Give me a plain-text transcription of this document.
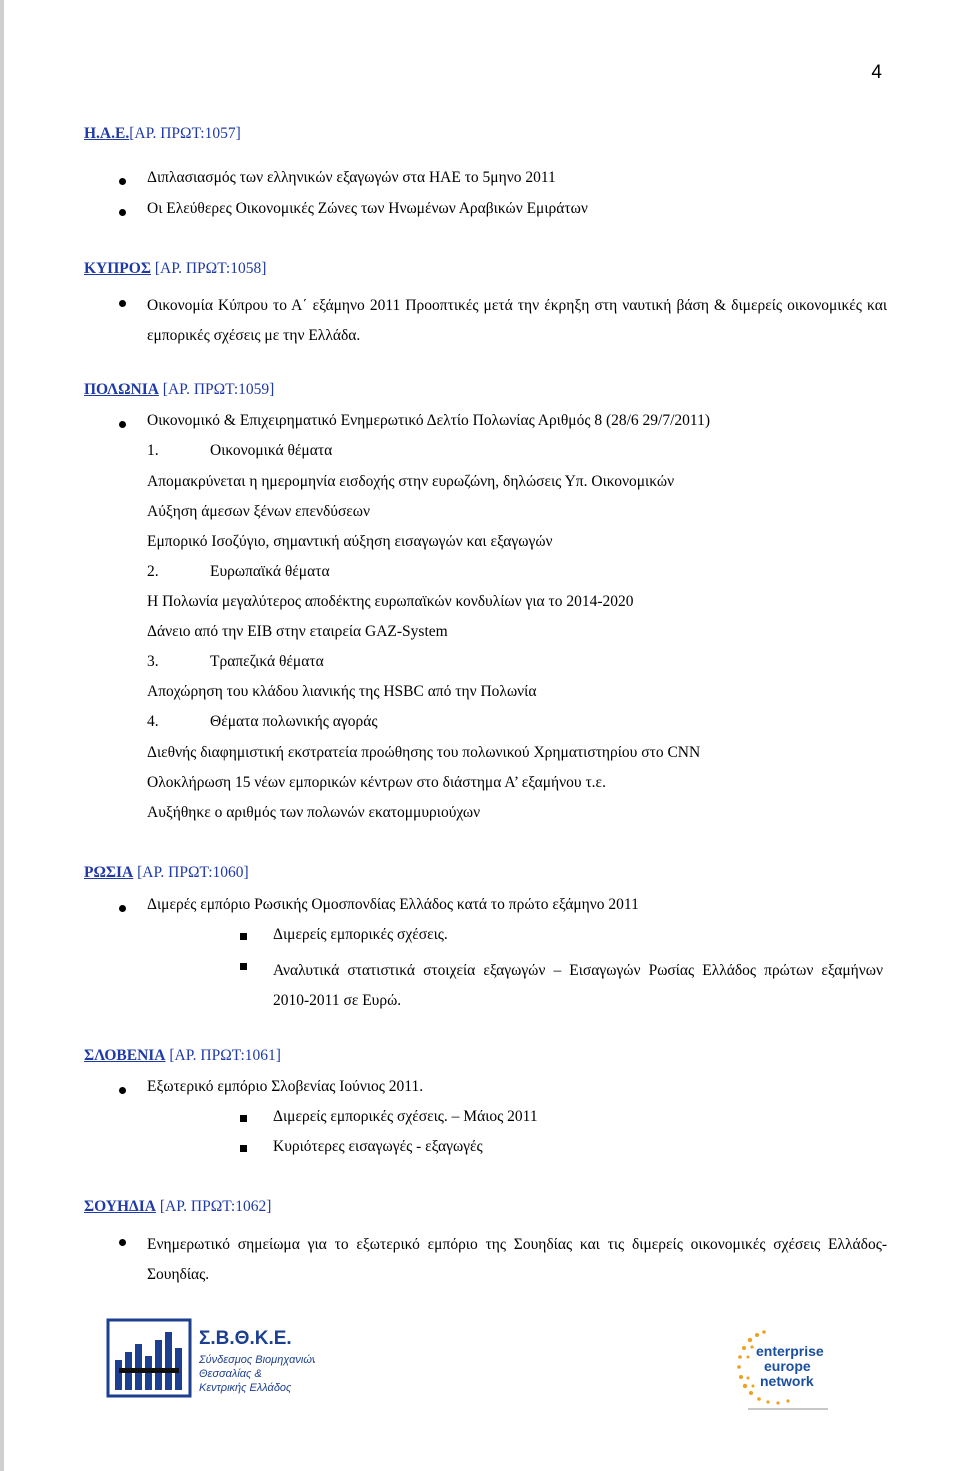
4
Η.Α.Ε.[ΑΡ. ΠΡΩΤ:1057]
Διπλασιασμός των ελληνικών εξαγωγών στα ΗΑΕ το 5μηνο 2011
Οι Ελεύθερες Οικονομικές Ζώνες των Ηνωμένων Αραβικών Εμιράτων
ΚΥΠΡΟΣ [ΑΡ. ΠΡΩΤ:1058]
Οικονομία Κύπρου το Α΄ εξάμηνο 2011 Προοπτικές μετά την έκρηξη στη ναυτική βάση & διμερείς οικονομικές και εμπορικές σχέσεις με την Ελλάδα.
ΠΟΛΩΝΙΑ [ΑΡ. ΠΡΩΤ:1059]
Οικονομικό & Επιχειρηματικό Ενημερωτικό Δελτίο Πολωνίας Αριθμός 8 (28/6 29/7/2011)
1.	Οικονομικά θέματα
Απομακρύνεται η ημερομηνία εισδοχής στην ευρωζώνη, δηλώσεις Υπ. Οικονομικών
Αύξηση άμεσων ξένων επενδύσεων
Εμπορικό Ισοζύγιο, σημαντική αύξηση εισαγωγών και εξαγωγών
2.	Ευρωπαϊκά θέματα
Η Πολωνία μεγαλύτερος αποδέκτης ευρωπαϊκών κονδυλίων για το 2014-2020
Δάνειο από την ΕΙΒ στην εταιρεία GAZ-System
3.	Τραπεζικά θέματα
Αποχώρηση του κλάδου λιανικής της HSBC από την Πολωνία
4.	Θέματα πολωνικής αγοράς
Διεθνής διαφημιστική εκστρατεία προώθησης του πολωνικού Χρηματιστηρίου στο CNN
Ολοκλήρωση 15 νέων εμπορικών κέντρων στο διάστημα Α’ εξαμήνου τ.ε.
Αυξήθηκε ο αριθμός των πολωνών εκατομμυριούχων
ΡΩΣΙΑ [ΑΡ. ΠΡΩΤ:1060]
Διμερές εμπόριο Ρωσικής Ομοσπονδίας Ελλάδος κατά το πρώτο εξάμηνο 2011
Διμερείς εμπορικές σχέσεις.
Αναλυτικά στατιστικά στοιχεία εξαγωγών – Εισαγωγών Ρωσίας Ελλάδος πρώτων εξαμήνων 2010-2011 σε Ευρώ.
ΣΛΟΒΕΝΙΑ [ΑΡ. ΠΡΩΤ:1061]
Εξωτερικό εμπόριο Σλοβενίας Ιούνιος 2011.
Διμερείς εμπορικές σχέσεις. – Μάιος 2011
Κυριότερες εισαγωγές - εξαγωγές
ΣΟΥΗΔΙΑ [ΑΡ. ΠΡΩΤ:1062]
Ενημερωτικό σημείωμα για το εξωτερικό εμπόριο της Σουηδίας και τις διμερείς οικονομικές σχέσεις Ελλάδος-Σουηδίας.
Σ.Β.Θ.Κ.Ε.
Σύνδεσμος Βιομηχανιών
Θεσσαλίας &
Κεντρικής Ελλάδος
enterprise
europe
network
